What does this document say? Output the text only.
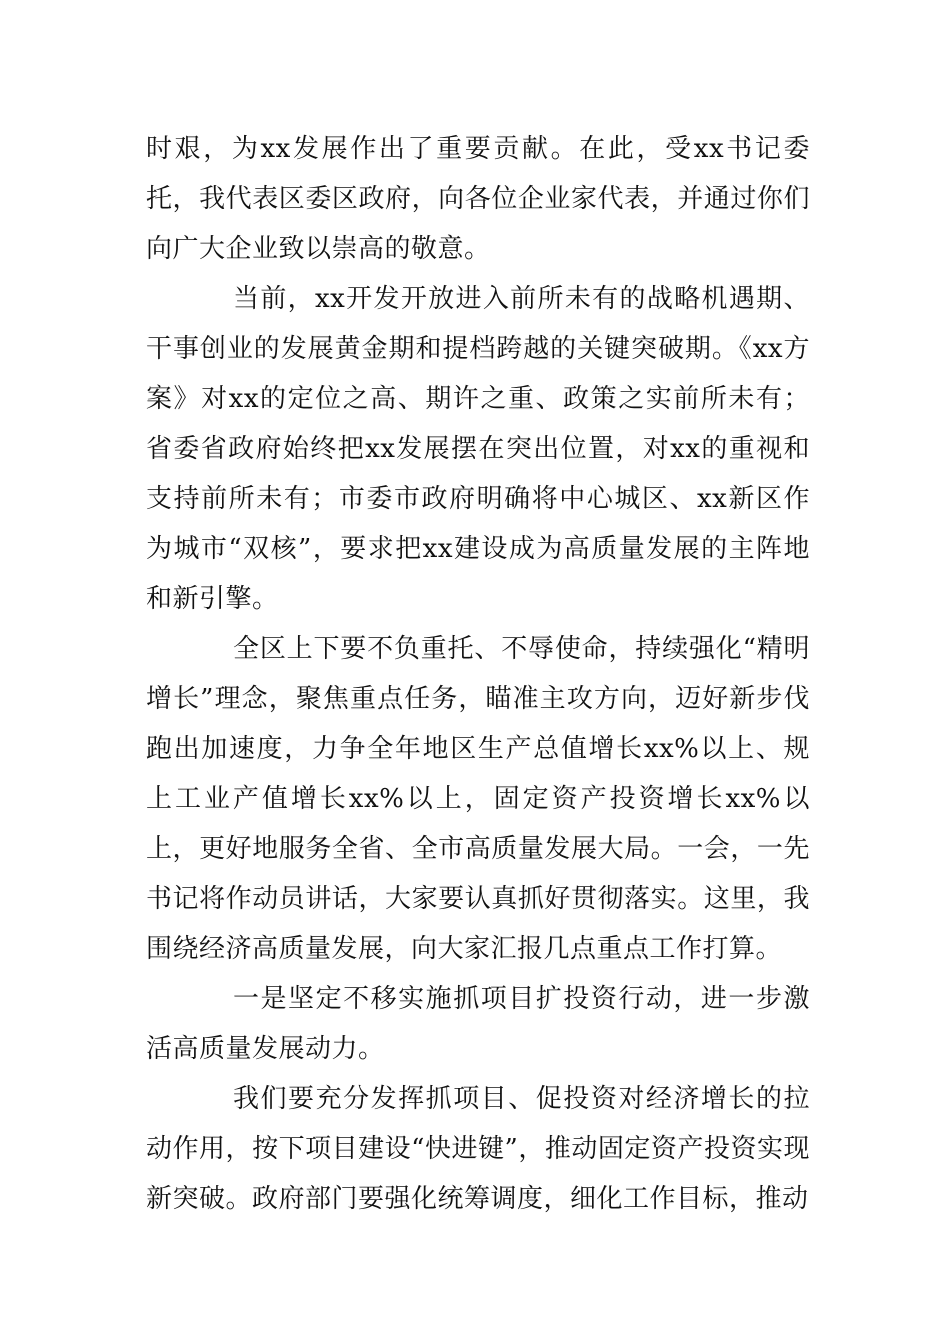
时艰，为xx发展作出了重要贡献。在此，受xx书记委托，我代表区委区政府，向各位企业家代表，并通过你们向广大企业致以崇高的敬意。

当前，xx开发开放进入前所未有的战略机遇期、干事创业的发展黄金期和提档跨越的关键突破期。《xx方案》对xx的定位之高、期许之重、政策之实前所未有；省委省政府始终把xx发展摆在突出位置，对xx的重视和支持前所未有；市委市政府明确将中心城区、xx新区作为城市“双核”，要求把xx建设成为高质量发展的主阵地和新引擎。

全区上下要不负重托、不辱使命，持续强化“精明增长”理念，聚焦重点任务，瞄准主攻方向，迈好新步伐跑出加速度，力争全年地区生产总值增长xx%以上、规上工业产值增长xx%以上，固定资产投资增长xx%以上，更好地服务全省、全市高质量发展大局。一会，一先书记将作动员讲话，大家要认真抓好贯彻落实。这里，我围绕经济高质量发展，向大家汇报几点重点工作打算。

一是坚定不移实施抓项目扩投资行动，进一步激活高质量发展动力。

我们要充分发挥抓项目、促投资对经济增长的拉动作用，按下项目建设“快进键”，推动固定资产投资实现新突破。政府部门要强化统筹调度，细化工作目标，推动
